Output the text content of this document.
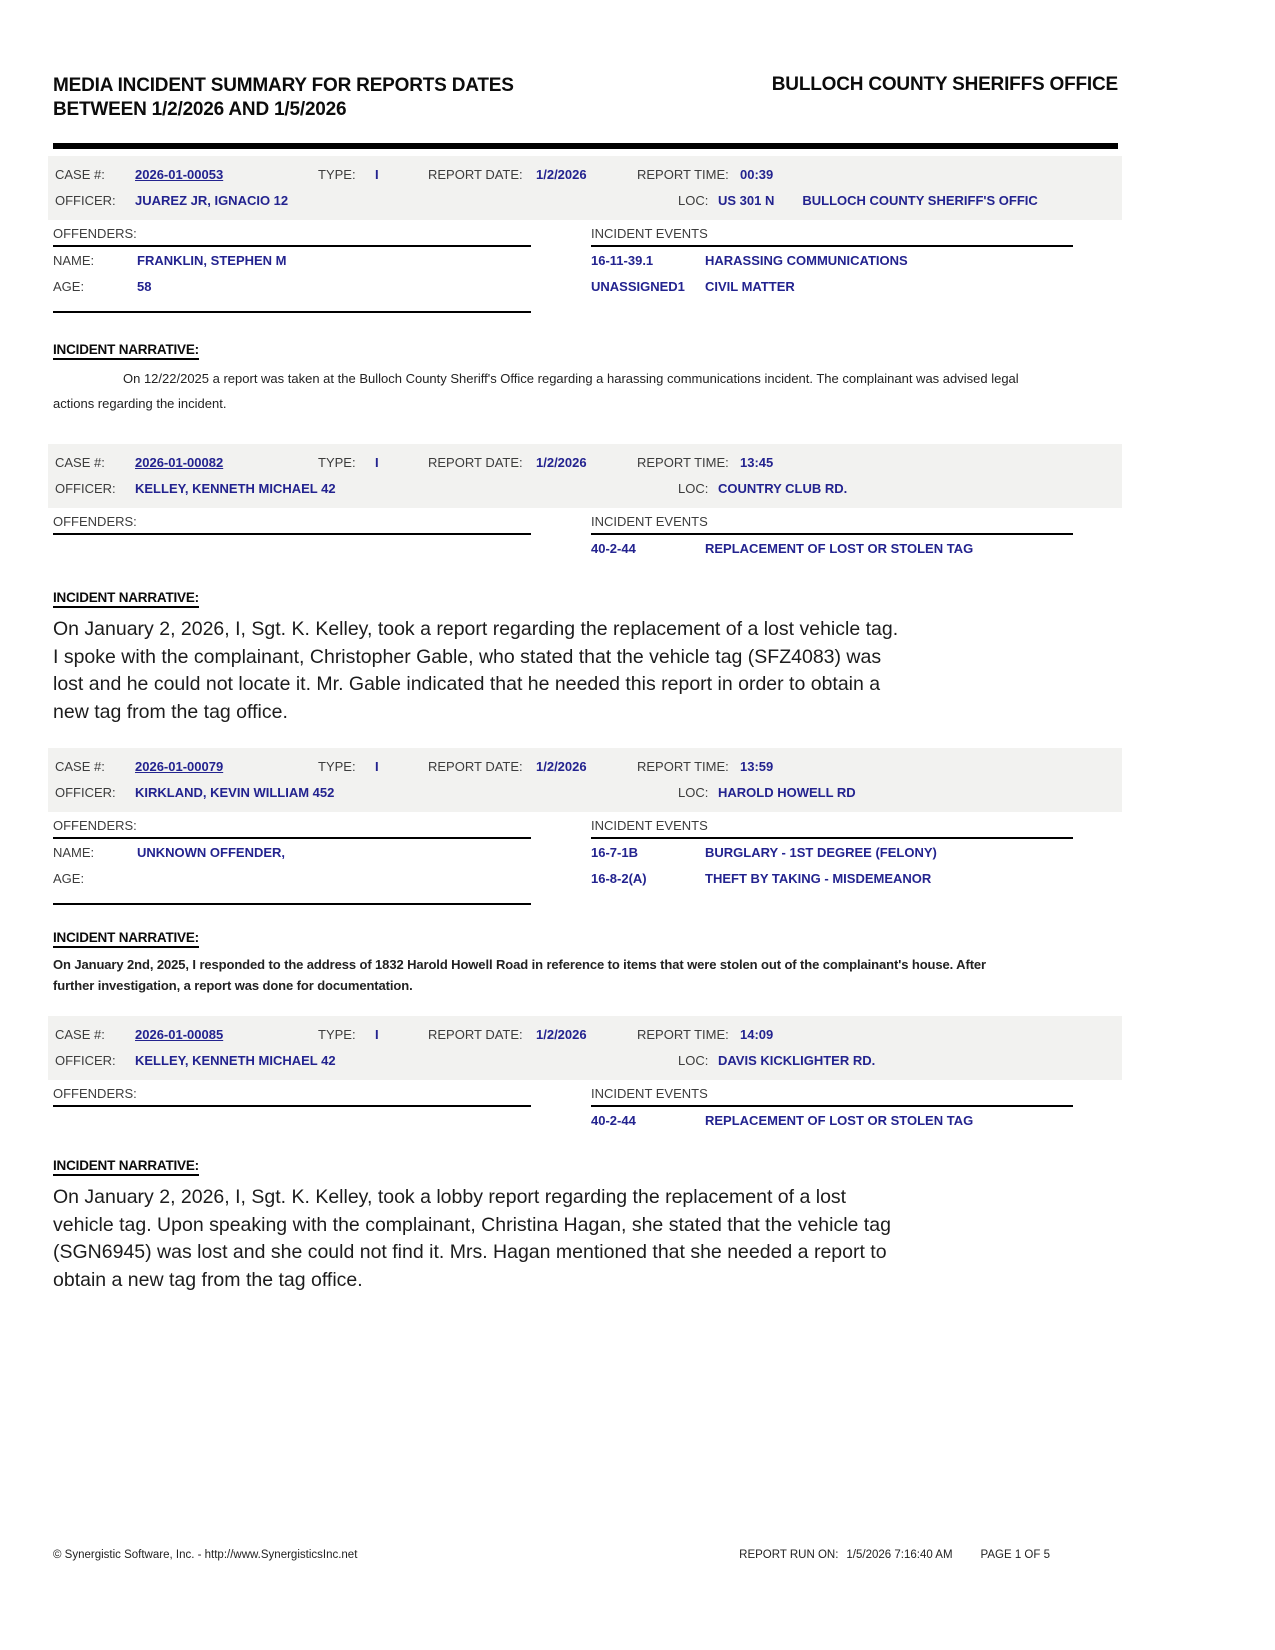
MEDIA INCIDENT SUMMARY FOR REPORTS DATES
BETWEEN 1/2/2026 AND 1/5/2026
BULLOCH COUNTY SHERIFFS OFFICE
CASE #:	2026-01-00053	TYPE:	I	REPORT DATE:	1/2/2026	REPORT TIME: 00:39
OFFICER:	JUAREZ JR, IGNACIO 12	LOC: US 301 N BULLOCH COUNTY SHERIFF'S OFFIC
OFFENDERS:
NAME:	FRANKLIN, STEPHEN M
AGE:	58
INCIDENT EVENTS
16-11-39.1	HARASSING COMMUNICATIONS
UNASSIGNED1	CIVIL MATTER
INCIDENT NARRATIVE:
On 12/22/2025 a report was taken at the Bulloch County Sheriff's Office regarding a harassing communications incident. The complainant was advised legal
actions regarding the incident.
CASE #:	2026-01-00082	TYPE:	I	REPORT DATE:	1/2/2026	REPORT TIME: 13:45
OFFICER:	KELLEY, KENNETH MICHAEL 42	LOC: COUNTRY CLUB RD.
OFFENDERS:	INCIDENT EVENTS
40-2-44	REPLACEMENT OF LOST OR STOLEN TAG
INCIDENT NARRATIVE:
On January 2, 2026, I, Sgt. K. Kelley, took a report regarding the replacement of a lost vehicle tag.
I spoke with the complainant, Christopher Gable, who stated that the vehicle tag (SFZ4083) was
lost and he could not locate it. Mr. Gable indicated that he needed this report in order to obtain a
new tag from the tag office.
CASE #:	2026-01-00079	TYPE:	I	REPORT DATE:	1/2/2026	REPORT TIME: 13:59
OFFICER:	KIRKLAND, KEVIN WILLIAM 452	LOC: HAROLD HOWELL RD
OFFENDERS:
NAME:	UNKNOWN OFFENDER,
AGE:
INCIDENT EVENTS
16-7-1B	BURGLARY - 1ST DEGREE (FELONY)
16-8-2(A)	THEFT BY TAKING - MISDEMEANOR
INCIDENT NARRATIVE:
On January 2nd, 2025, I responded to the address of 1832 Harold Howell Road in reference to items that were stolen out of the complainant's house. After
further investigation, a report was done for documentation.
CASE #:	2026-01-00085	TYPE:	I	REPORT DATE:	1/2/2026	REPORT TIME: 14:09
OFFICER:	KELLEY, KENNETH MICHAEL 42	LOC: DAVIS KICKLIGHTER RD.
OFFENDERS:	INCIDENT EVENTS
40-2-44	REPLACEMENT OF LOST OR STOLEN TAG
INCIDENT NARRATIVE:
On January 2, 2026, I, Sgt. K. Kelley, took a lobby report regarding the replacement of a lost
vehicle tag. Upon speaking with the complainant, Christina Hagan, she stated that the vehicle tag
(SGN6945) was lost and she could not find it. Mrs. Hagan mentioned that she needed a report to
obtain a new tag from the tag office.
© Synergistic Software, Inc. - http://www.SynergisticsInc.net	REPORT RUN ON: 1/5/2026 7:16:40 AM PAGE 1 OF 5
